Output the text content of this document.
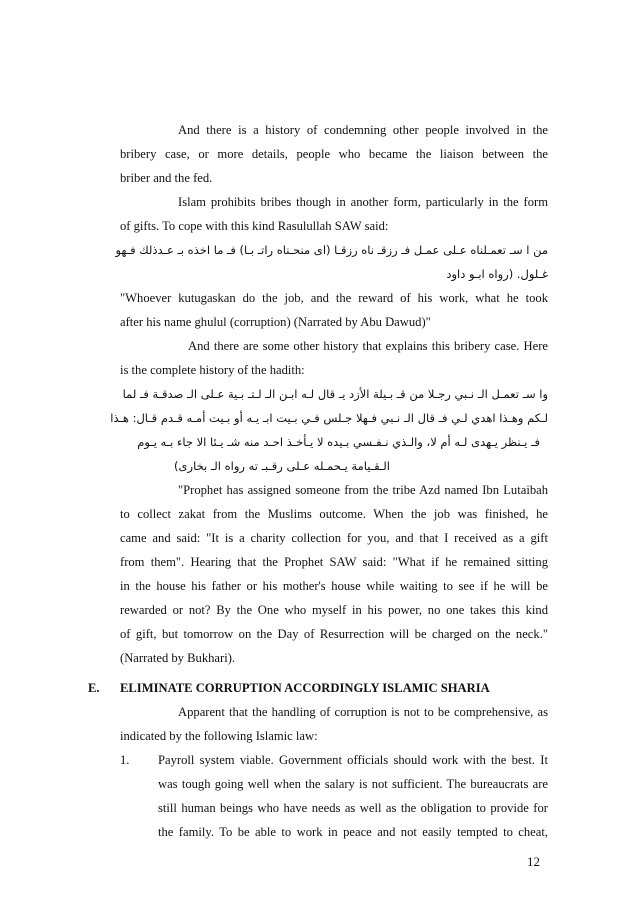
And there is a history of condemning other people involved in the
bribery case, or more details, people who became the liaison between the
briber and the fed.
Islam prohibits bribes though in another form, particularly in the form
of gifts. To cope with this kind Rasulullah SAW said:
من ا سـ تعمـلناه عـلى عمـل فـ رزقـ ناه رزقـا (اى منحـناه راتـ بـا) فـ ما اخذه بـ عـدذلك فـهو
غـلول. (رواه ابـو داود
"Whoever kutugaskan do the job, and the reward of his work, what he took
after his name ghulul (corruption) (Narrated by Abu Dawud)"
And there are some other history that explains this bribery case. Here
is the complete history of the hadith:
وا سـ تعمـل الـ نـبي رجـلا من قـ بـيلة الأزد يـ قال لـه ابـن الـ لـتـ بـية عـلى الـ صدقـة فـ لما
لـكم وهـذا اهدي لـي فـ قال الـ نـبي فـهلا جـلس فـي بـيت ابـ يـه أو بـيت أمـه قـدم قـال: هـذا
فـ يـنظر يـهدى لـه أم لا، والـذي نـفـسي بـيده لا يـأخـذ احـد منه شـ يـئا الا جاء بـه يـوم
الـقـيامة يـحمـله عـلى رقـبـ ته رواه الـ بخارى)
"Prophet has assigned someone from the tribe Azd named Ibn Lutaibah
to collect zakat from the Muslims outcome. When the job was finished, he
came and said: "It is a charity collection for you, and that I received as a gift
from them". Hearing that the Prophet SAW said: "What if he remained sitting
in the house his father or his mother's house while waiting to see if he will be
rewarded or not? By the One who myself in his power, no one takes this kind
of gift, but tomorrow on the Day of Resurrection will be charged on the neck."
(Narrated by Bukhari).
E. ELIMINATE CORRUPTION ACCORDINGLY ISLAMIC SHARIA
Apparent that the handling of corruption is not to be comprehensive, as
indicated by the following Islamic law:
1. Payroll system viable. Government officials should work with the best. It
was tough going well when the salary is not sufficient. The bureaucrats are
still human beings who have needs as well as the obligation to provide for
the family. To be able to work in peace and not easily tempted to cheat,
12
